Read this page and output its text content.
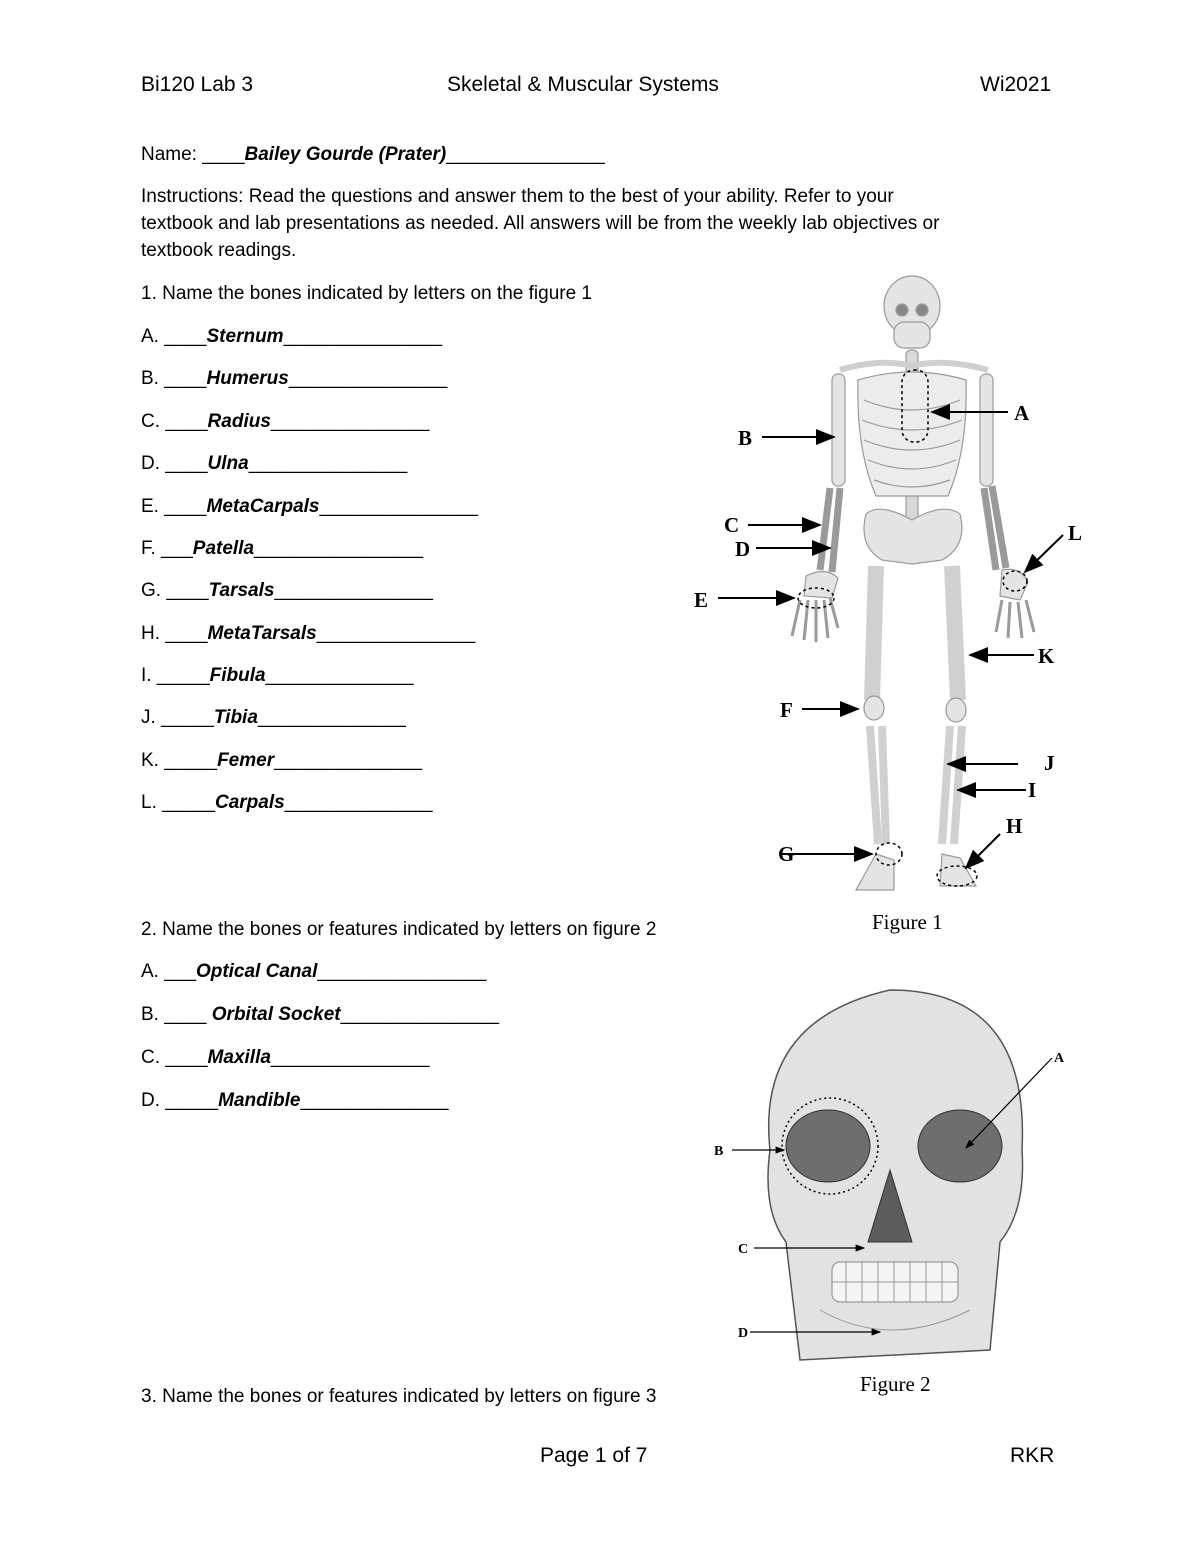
Bi120 Lab 3	Skeletal & Muscular Systems	Wi2021
Name: ____Bailey Gourde (Prater)_______________
Instructions: Read the questions and answer them to the best of your ability. Refer to your
textbook and lab presentations as needed. All answers will be from the weekly lab objectives or
textbook readings.
1. Name the bones indicated by letters on the figure 1
A. ____Sternum_______________
B. ____Humerus_______________
C. ____Radius_______________
D. ____Ulna_______________
E. ____MetaCarpals_______________
F. ___Patella________________
G. ____Tarsals_______________
H. ____MetaTarsals_______________
I. _____Fibula______________
J. _____Tibia______________
K. _____Femer______________
L. _____Carpals______________
A
B
C
D
E
L
K
F
J
I
H
G
Figure 1
2. Name the bones or features indicated by letters on figure 2
A. ___Optical Canal________________
B. ____ Orbital Socket_______________
C. ____Maxilla_______________
D. _____Mandible______________
A
B
C
D
Figure 2
3. Name the bones or features indicated by letters on figure 3
Page 1 of 7	RKR
